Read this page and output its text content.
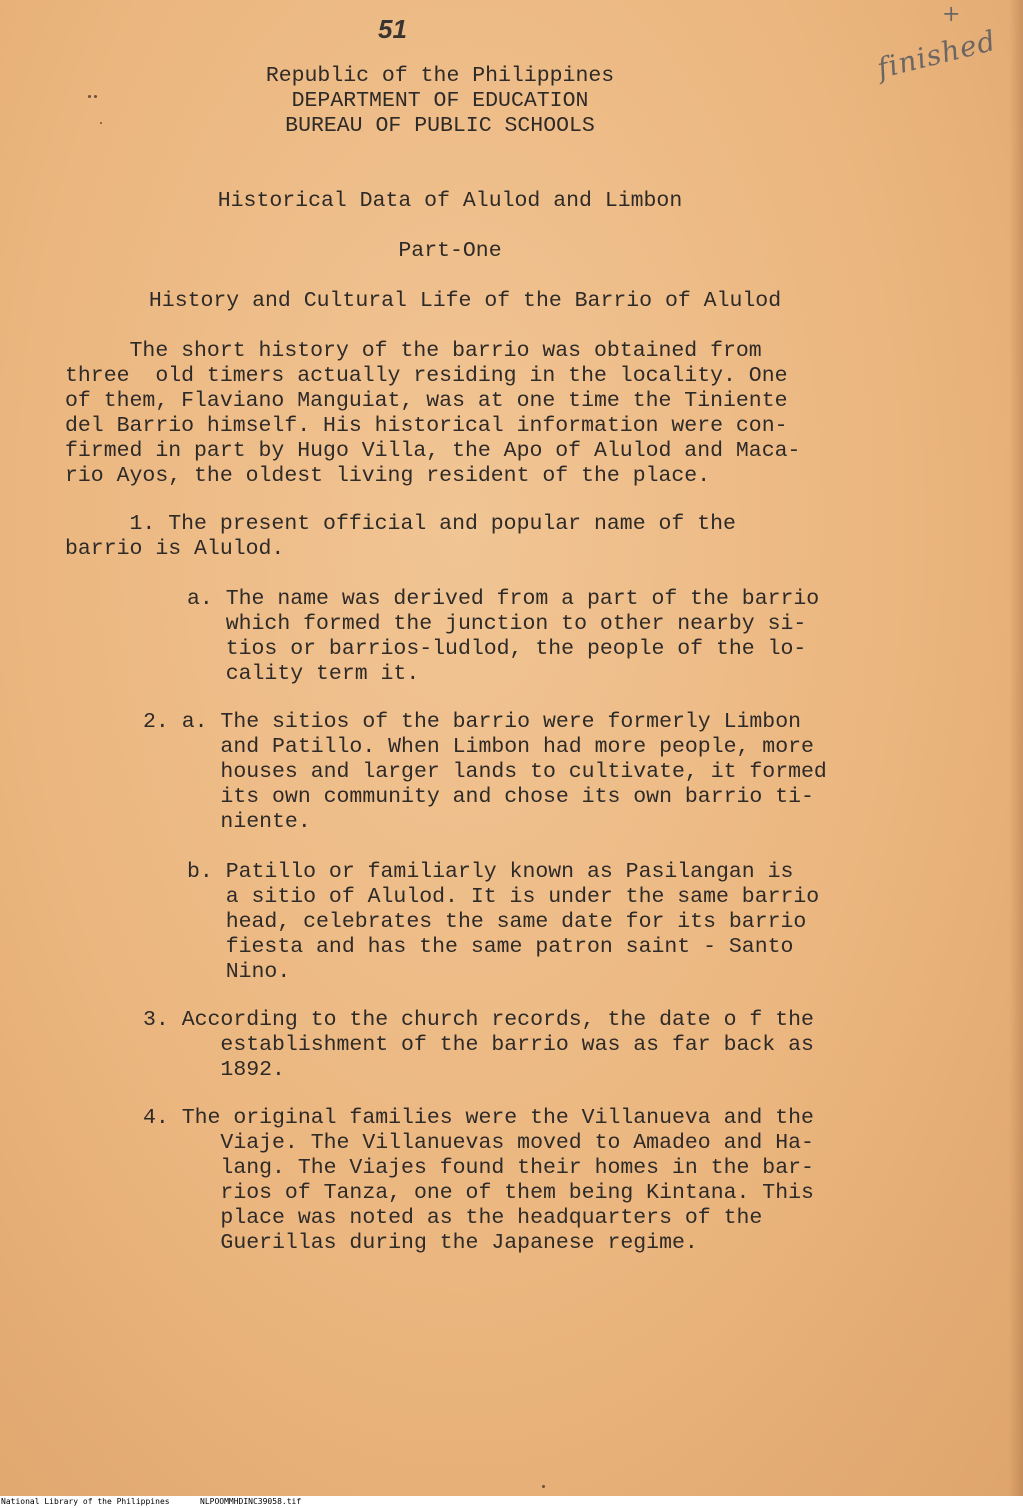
51	+
finished
Republic of the Philippines
DEPARTMENT OF EDUCATION
BUREAU OF PUBLIC SCHOOLS
Historical Data of Alulod and Limbon
Part-One
History and Cultural Life of the Barrio of Alulod
The short history of the barrio was obtained from
three  old timers actually residing in the locality. One
of them, Flaviano Manguiat, was at one time the Tiniente
del Barrio himself. His historical information were con-
firmed in part by Hugo Villa, the Apo of Alulod and Maca-
rio Ayos, the oldest living resident of the place.
1. The present official and popular name of the
barrio is Alulod.
a. The name was derived from a part of the barrio
which formed the junction to other nearby si-
tios or barrios-ludlod, the people of the lo-
cality term it.
2. a. The sitios of the barrio were formerly Limbon
and Patillo. When Limbon had more people, more
houses and larger lands to cultivate, it formed
its own community and chose its own barrio ti-
niente.
b. Patillo or familiarly known as Pasilangan is
a sitio of Alulod. It is under the same barrio
head, celebrates the same date for its barrio
fiesta and has the same patron saint - Santo
Nino.
3. According to the church records, the date o f the
establishment of the barrio was as far back as
1892.
4. The original families were the Villanueva and the
Viaje. The Villanuevas moved to Amadeo and Ha-
lang. The Viajes found their homes in the bar-
rios of Tanza, one of them being Kintana. This
place was noted as the headquarters of the
Guerillas during the Japanese regime.
National Library of the Philippines	NLPOOMMHDINC39058.tif
